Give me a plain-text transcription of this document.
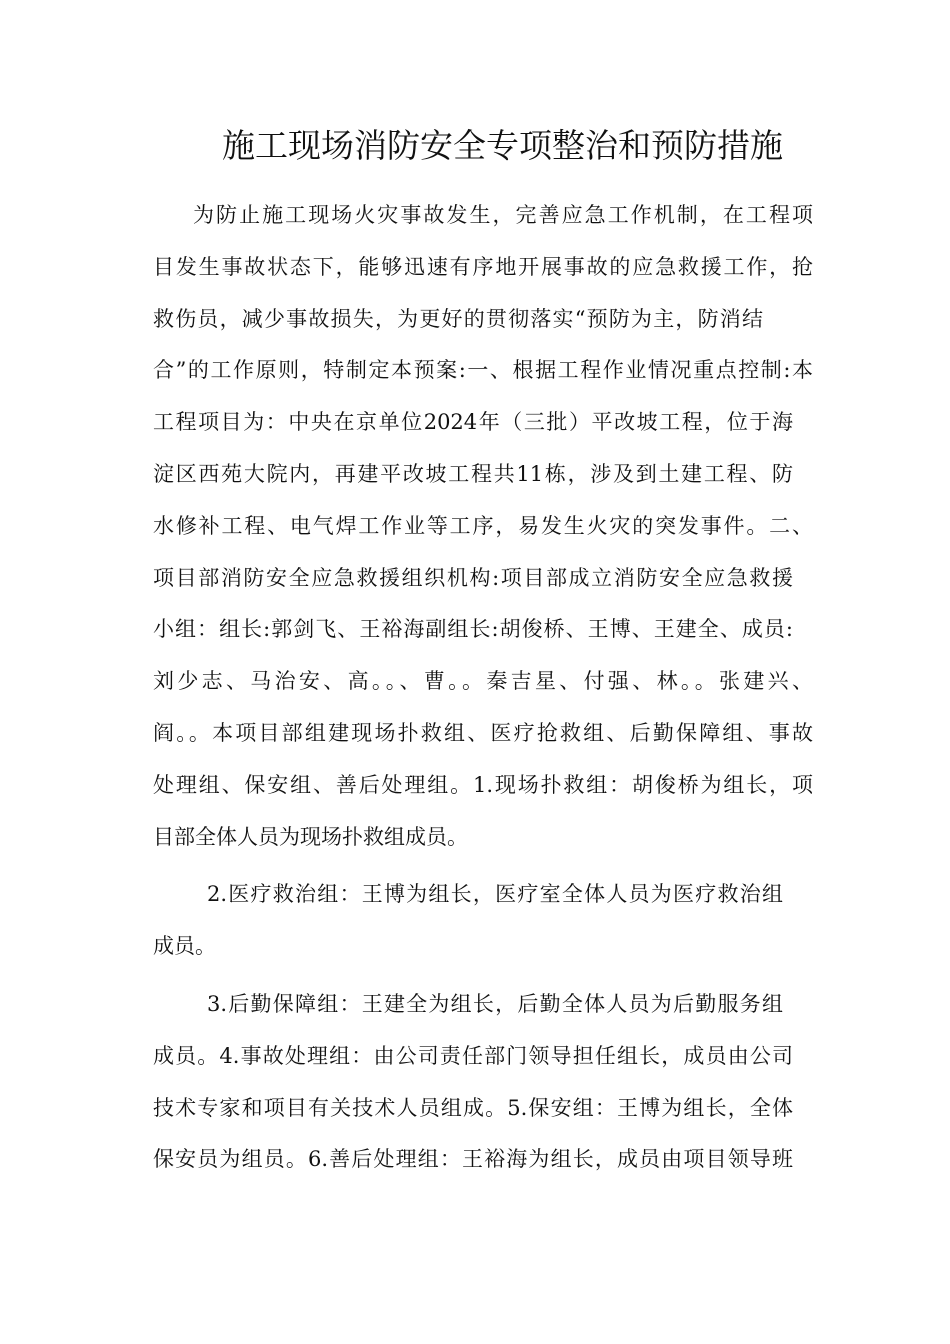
施工现场消防安全专项整治和预防措施
为防止施工现场火灾事故发生，完善应急工作机制，在工程项
目发生事故状态下，能够迅速有序地开展事故的应急救援工作，抢
救伤员，减少事故损失，为更好的贯彻落实“预防为主，防消结
合”的工作原则，特制定本预案:一、根据工程作业情况重点控制:本
工程项目为：中央在京单位2024年（三批）平改坡工程，位于海
淀区西苑大院内，再建平改坡工程共11栋，涉及到土建工程、防
水修补工程、电气焊工作业等工序，易发生火灾的突发事件。二、
项目部消防安全应急救援组织机构:项目部成立消防安全应急救援
小组：组长:郭剑飞、王裕海副组长:胡俊桥、王博、王建全、成员:
刘少志、马治安、高。。、曹。。秦吉星、付强、林。。张建兴、
阎。。本项目部组建现场扑救组、医疗抢救组、后勤保障组、事故
处理组、保安组、善后处理组。1.现场扑救组：胡俊桥为组长，项
目部全体人员为现场扑救组成员。
2.医疗救治组：王博为组长，医疗室全体人员为医疗救治组
成员。
3.后勤保障组：王建全为组长，后勤全体人员为后勤服务组
成员。4.事故处理组：由公司责任部门领导担任组长，成员由公司
技术专家和项目有关技术人员组成。5.保安组：王博为组长，全体
保安员为组员。6.善后处理组：王裕海为组长，成员由项目领导班
